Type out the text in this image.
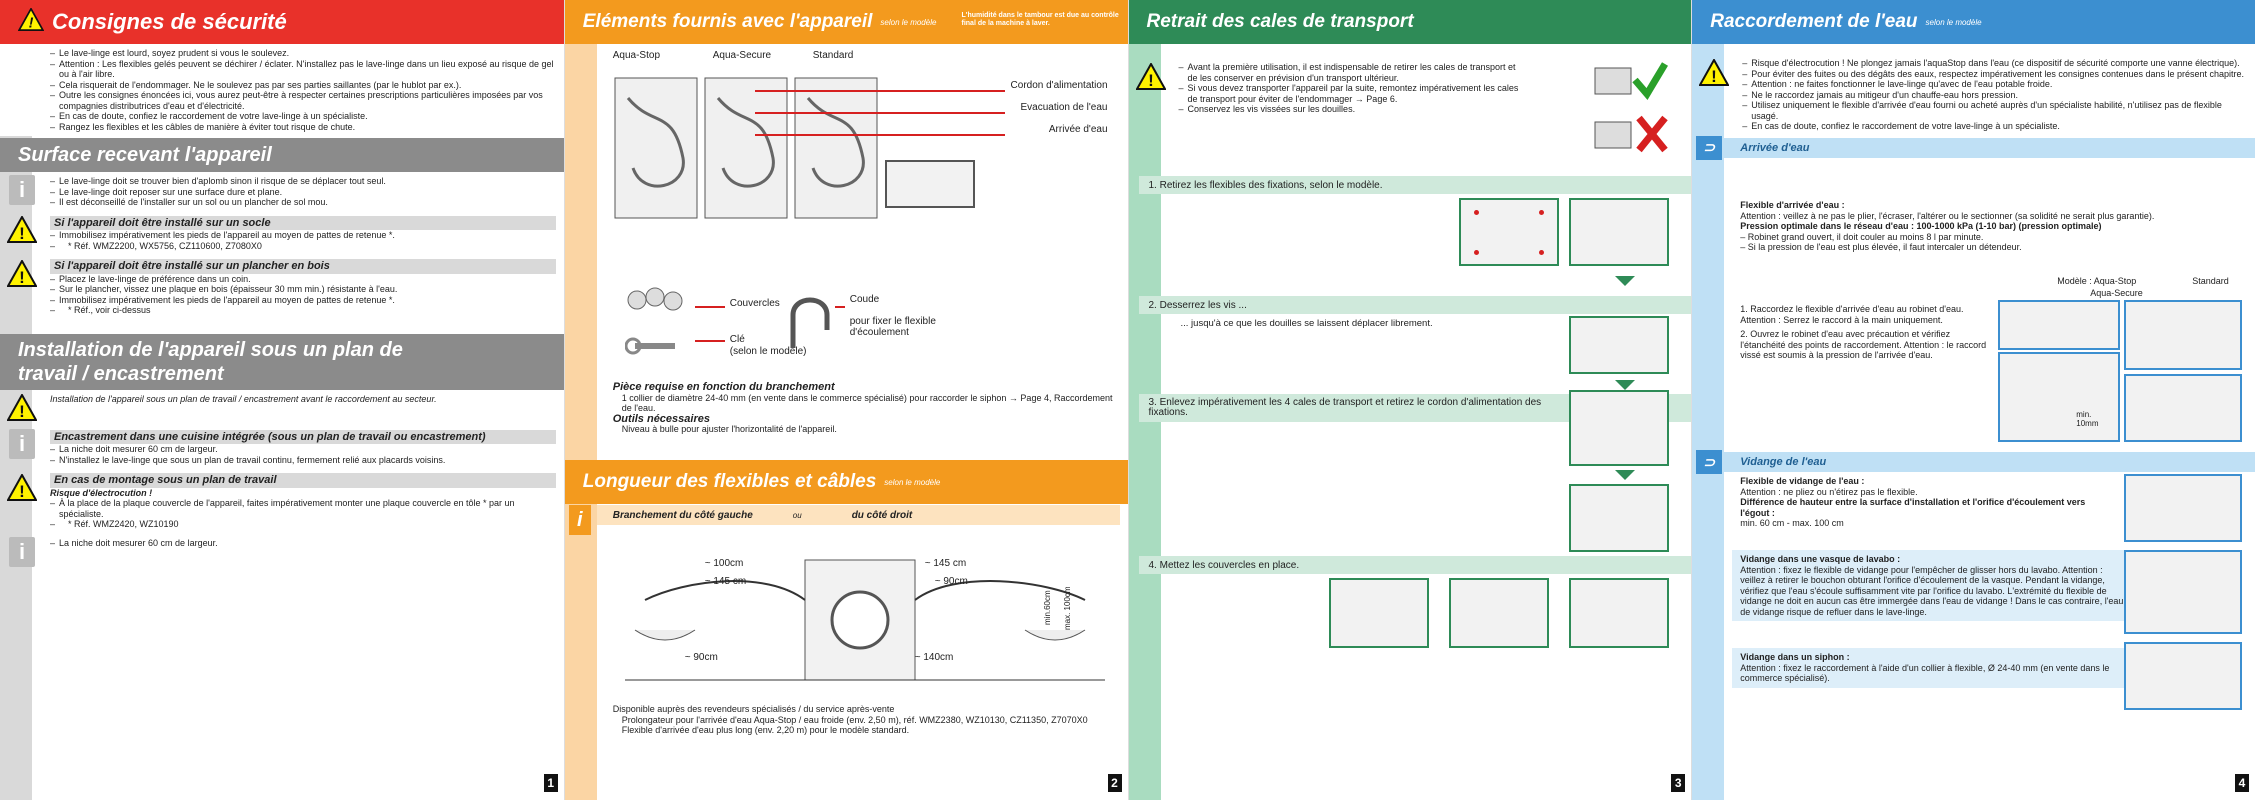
! Consignes de sécurité
– Le lave-linge est lourd, soyez prudent si vous le soulevez.
– Attention : Les flexibles gelés peuvent se déchirer / éclater. N'installez pas le lave-linge dans un lieu exposé au risque de gel ou à l'air libre.
– Cela risquerait de l'endommager. Ne le soulevez pas par ses parties saillantes (par le hublot par ex.).
– Outre les consignes énoncées ici, vous aurez peut-être à respecter certaines prescriptions particulières imposées par vos compagnies distributrices d'eau et d'électricité.
– En cas de doute, confiez le raccordement de votre lave-linge à un spécialiste.
– Rangez les flexibles et les câbles de manière à éviter tout risque de chute.
Surface recevant l'appareil
i	– Le lave-linge doit se trouver bien d'aplomb sinon il risque de se déplacer tout seul.
– Le lave-linge doit reposer sur une surface dure et plane.
– Il est déconseillé de l'installer sur un sol ou un plancher de sol mou.
!
Si l'appareil doit être installé sur un socle
– Immobilisez impérativement les pieds de l'appareil au moyen de pattes de retenue *.
– * Réf. WMZ2200, WX5756, CZ110600, Z7080X0
!
Si l'appareil doit être installé sur un plancher en bois
– Placez le lave-linge de préférence dans un coin.
– Sur le plancher, vissez une plaque en bois (épaisseur 30 mm min.) résistante à l'eau.
– Immobilisez impérativement les pieds de l'appareil au moyen de pattes de retenue *.
– * Réf., voir ci-dessus
Installation de l'appareil sous un plan de travail / encastrement
!
Installation de l'appareil sous un plan de travail / encastrement avant le raccordement au secteur.
i	Encastrement dans une cuisine intégrée (sous un plan de travail ou encastrement)
– La niche doit mesurer 60 cm de largeur.
– N'installez le lave-linge que sous un plan de travail continu, fermement relié aux placards voisins.
!
En cas de montage sous un plan de travail
Risque d'électrocution !
– À la place de la plaque couvercle de l'appareil, faites impérativement monter une plaque couvercle en tôle * par un spécialiste.
– * Réf. WMZ2420, WZ10190
i	– La niche doit mesurer 60 cm de largeur.
1
Eléments fournis avec l'appareil selon le modèle
L'humidité dans le tambour est due au contrôle final de la machine à laver.
Aqua-Stop	Aqua-Secure	Standard
Cordon d'alimentation
Evacuation de l'eau
Arrivée d'eau
Couvercles
Clé
(selon le modèle)
Coude
pour fixer le flexible d'écoulement
Pièce requise en fonction du branchement
1 collier de diamètre 24-40 mm (en vente dans le commerce spécialisé) pour raccorder le siphon → Page 4, Raccordement de l'eau.
Outils nécessaires
Niveau à bulle pour ajuster l'horizontalité de l'appareil.
Longueur des flexibles et câbles selon le modèle
i	Branchement du côté gauche	ou	du côté droit
~ 100cm
~ 145 cm
~ 145 cm
~ 90cm
~ 90cm	~ 140cm
min.60cm max. 100cm
Disponible auprès des revendeurs spécialisés / du service après-vente
Prolongateur pour l'arrivée d'eau Aqua-Stop / eau froide (env. 2,50 m), réf. WMZ2380, WZ10130, CZ11350, Z7070X0
Flexible d'arrivée d'eau plus long (env. 2,20 m) pour le modèle standard.
2
Retrait des cales de transport
!
– Avant la première utilisation, il est indispensable de retirer les cales de transport et de les conserver en prévision d'un transport ultérieur.
– Si vous devez transporter l'appareil par la suite, remontez impérativement les cales de transport pour éviter de l'endommager → Page 6.
– Conservez les vis vissées sur les douilles.
1. Retirez les flexibles des fixations, selon le modèle.
2. Desserrez les vis ...
... jusqu'à ce que les douilles se laissent déplacer librement.
3. Enlevez impérativement les 4 cales de transport et retirez le cordon d'alimentation des fixations.
4. Mettez les couvercles en place.
3
Raccordement de l'eau selon le modèle
!
– Risque d'électrocution ! Ne plongez jamais l'aquaStop dans l'eau (ce dispositif de sécurité comporte une vanne électrique).
– Pour éviter des fuites ou des dégâts des eaux, respectez impérativement les consignes contenues dans le présent chapitre.
– Attention : ne faites fonctionner le lave-linge qu'avec de l'eau potable froide.
– Ne le raccordez jamais au mitigeur d'un chauffe-eau hors pression.
– Utilisez uniquement le flexible d'arrivée d'eau fourni ou acheté auprès d'un spécialiste habilité, n'utilisez pas de flexible usagé.
– En cas de doute, confiez le raccordement de votre lave-linge à un spécialiste.
⊃	Arrivée d'eau
Flexible d'arrivée d'eau :
Attention : veillez à ne pas le plier, l'écraser, l'altérer ou le sectionner (sa solidité ne serait plus garantie).
Pression optimale dans le réseau d'eau : 100-1000 kPa (1-10 bar) (pression optimale)
– Robinet grand ouvert, il doit couler au moins 8 l par minute.
– Si la pression de l'eau est plus élevée, il faut intercaler un détendeur.
Modèle : Aqua-Stop
Aqua-Secure
Standard
1. Raccordez le flexible d'arrivée d'eau au robinet d'eau. Attention : Serrez le raccord à la main uniquement.
2. Ouvrez le robinet d'eau avec précaution et vérifiez l'étanchéité des points de raccordement. Attention : le raccord vissé est soumis à la pression de l'arrivée d'eau.
min. 10mm
⊃	Vidange de l'eau
Flexible de vidange de l'eau :
Attention : ne pliez ou n'étirez pas le flexible.
Différence de hauteur entre la surface d'installation et l'orifice d'écoulement vers l'égout :
min. 60 cm - max. 100 cm
Vidange dans une vasque de lavabo :
Attention : fixez le flexible de vidange pour l'empêcher de glisser hors du lavabo. Attention : veillez à retirer le bouchon obturant l'orifice d'écoulement de la vasque. Pendant la vidange, vérifiez que l'eau s'écoule suffisamment vite par l'orifice du lavabo. L'extrémité du flexible de vidange ne doit en aucun cas être immergée dans l'eau de vidange ! Dans le cas contraire, l'eau de vidange risque de refluer dans le lave-linge.
Vidange dans un siphon :
Attention : fixez le raccordement à l'aide d'un collier à flexible, Ø 24-40 mm (en vente dans le commerce spécialisé).
4
